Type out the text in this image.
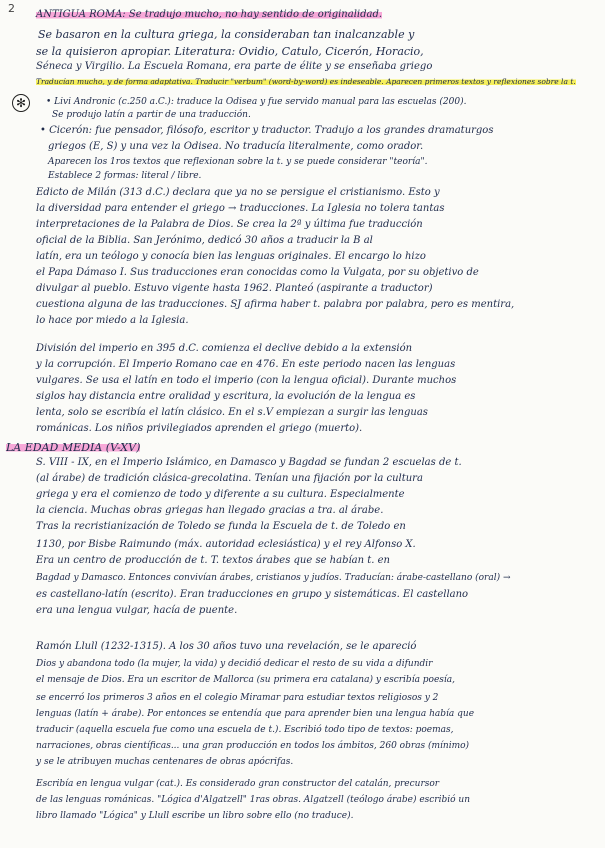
2
✻
ANTIGUA ROMA: Se tradujo mucho, no hay sentido de originalidad.
Se basaron en la cultura griega, la consideraban tan inalcanzable y
se la quisieron apropiar. Literatura: Ovidio, Catulo, Cicerón, Horacio,
Séneca y Virgilio. La Escuela Romana, era parte de élite y se enseñaba griego
Traducían mucho, y de forma adaptativa. Traducir "verbum" (word-by-word) es indeseable. Aparecen primeros textos y reflexiones sobre la t.
• Livi Andronic (c.250 a.C.): traduce la Odisea y fue servido manual para las escuelas (200).
Se produjo latín a partir de una traducción.
• Cicerón: fue pensador, filósofo, escritor y traductor. Tradujo a los grandes dramaturgos
griegos (E, S) y una vez la Odisea. No traducía literalmente, como orador.
Aparecen los 1ros textos que reflexionan sobre la t. y se puede considerar "teoría".
Establece 2 formas: literal / libre.
Edicto de Milán (313 d.C.) declara que ya no se persigue el cristianismo. Esto y
la diversidad para entender el griego → traducciones. La Iglesia no tolera tantas
interpretaciones de la Palabra de Dios. Se crea la 2ª y última fue traducción
oficial de la Biblia. San Jerónimo, dedicó 30 años a traducir la B al
latín, era un teólogo y conocía bien las lenguas originales. El encargo lo hizo
el Papa Dámaso I. Sus traducciones eran conocidas como la Vulgata, por su objetivo de
divulgar al pueblo. Estuvo vigente hasta 1962. Planteó (aspirante a traductor)
cuestiona alguna de las traducciones. SJ afirma haber t. palabra por palabra, pero es mentira,
lo hace por miedo a la Iglesia.
División del imperio en 395 d.C. comienza el declive debido a la extensión
y la corrupción. El Imperio Romano cae en 476. En este periodo nacen las lenguas
vulgares. Se usa el latín en todo el imperio (con la lengua oficial). Durante muchos
siglos hay distancia entre oralidad y escritura, la evolución de la lengua es
lenta, solo se escribía el latín clásico. En el s.V empiezan a surgir las lenguas
románicas. Los niños privilegiados aprenden el griego (muerto).
LA EDAD MEDIA (V-XV)
S. VIII - IX, en el Imperio Islámico, en Damasco y Bagdad se fundan 2 escuelas de t.
(al árabe) de tradición clásica-grecolatina. Tenían una fijación por la cultura
griega y era el comienzo de todo y diferente a su cultura. Especialmente
la ciencia. Muchas obras griegas han llegado gracias a tra. al árabe.
Tras la recristianización de Toledo se funda la Escuela de t. de Toledo en
1130, por Bisbe Raimundo (máx. autoridad eclesiástica) y el rey Alfonso X.
Era un centro de producción de t. T. textos árabes que se habían t. en
Bagdad y Damasco. Entonces convivían árabes, cristianos y judíos. Traducían: árabe-castellano (oral) →
es castellano-latín (escrito). Eran traducciones en grupo y sistemáticas. El castellano
era una lengua vulgar, hacía de puente.
Ramón Llull (1232-1315). A los 30 años tuvo una revelación, se le apareció
Dios y abandona todo (la mujer, la vida) y decidió dedicar el resto de su vida a difundir
el mensaje de Dios. Era un escritor de Mallorca (su primera era catalana) y escribía poesía,
se encerró los primeros 3 años en el colegio Miramar para estudiar textos religiosos y 2
lenguas (latín + árabe). Por entonces se entendía que para aprender bien una lengua había que
traducir (aquella escuela fue como una escuela de t.). Escribió todo tipo de textos: poemas,
narraciones, obras científicas... una gran producción en todos los ámbitos, 260 obras (mínimo)
y se le atribuyen muchas centenares de obras apócrifas.
Escribía en lengua vulgar (cat.). Es considerado gran constructor del catalán, precursor
de las lenguas románicas. "Lógica d'Algatzell" 1ras obras. Algatzell (teólogo árabe) escribió un
libro llamado "Lógica" y Llull escribe un libro sobre ello (no traduce).
